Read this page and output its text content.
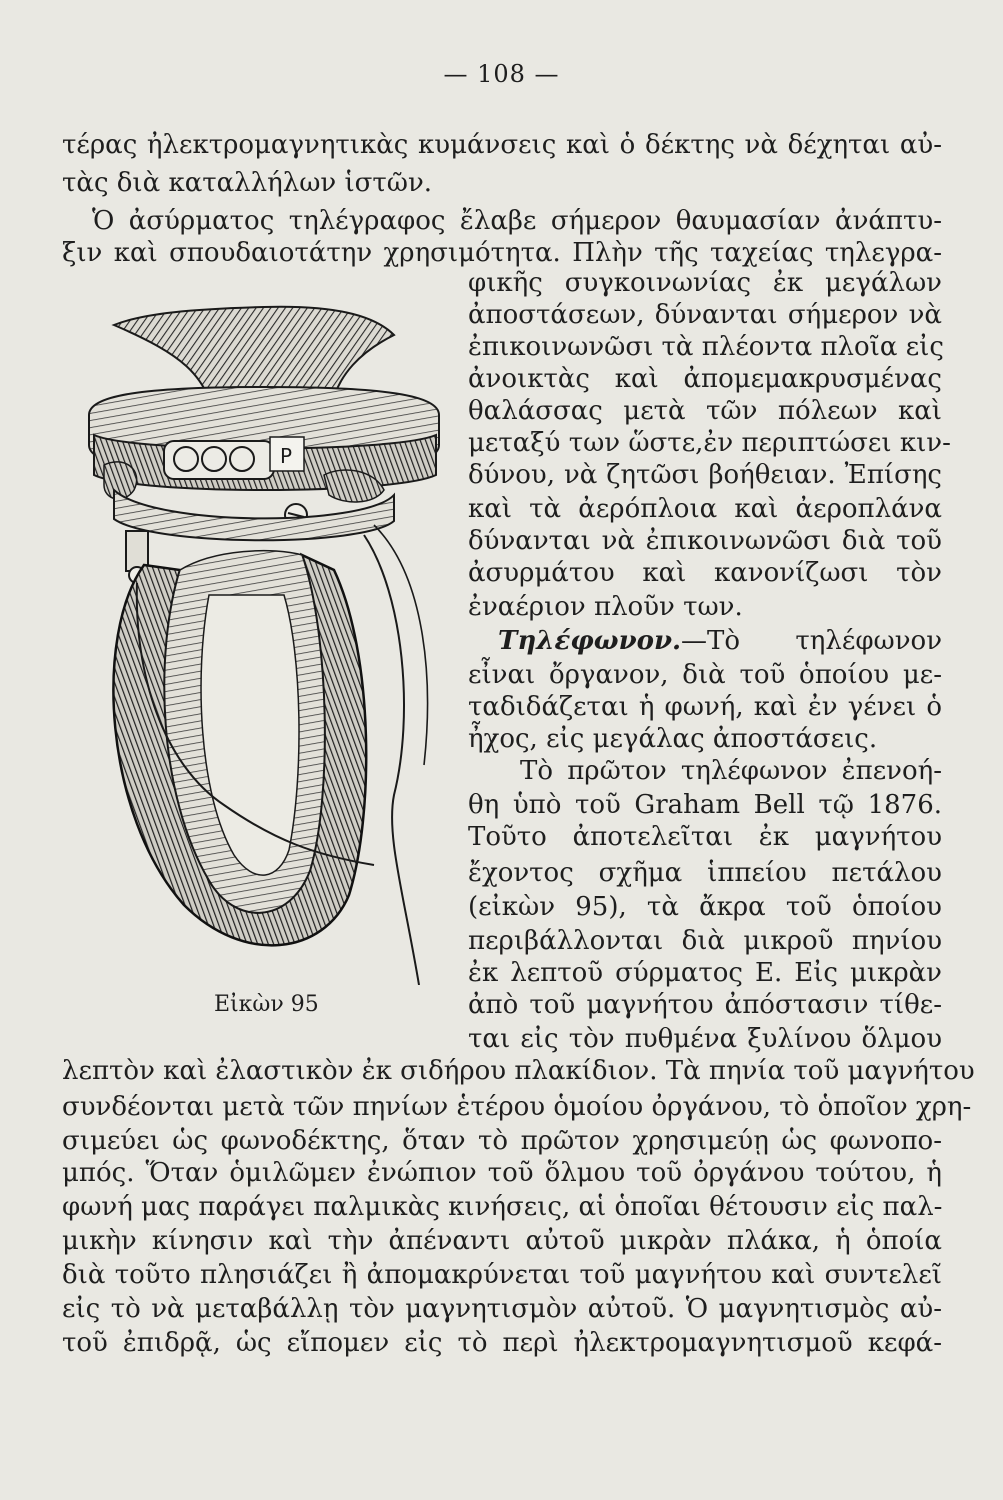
— 108 —
τέρας ἠλεκτρομαγνητικὰς κυμάνσεις καὶ ὁ δέκτης νὰ δέχηται αὐ-
τὰς διὰ καταλλήλων ἱστῶν.
Ὁ ἀσύρματος τηλέγραφος ἔλαβε σήμερον θαυμασίαν ἀνάπτυ-
ξιν καὶ σπουδαιοτάτην χρησιμότητα. Πλὴν τῆς ταχείας τηλεγρα-
φικῆς συγκοινωνίας ἐκ μεγάλων
ἀποστάσεων, δύνανται σήμερον νὰ
ἐπικοινωνῶσι τὰ πλέοντα πλοῖα εἰς
ἀνοικτὰς καὶ ἀπομεμακρυσμένας
θαλάσσας μετὰ τῶν πόλεων καὶ
μεταξύ των ὥστε,ἐν περιπτώσει κιν-
δύνου, νὰ ζητῶσι βοήθειαν. Ἐπίσης
καὶ τὰ ἀερόπλοια καὶ ἀεροπλάνα
δύνανται νὰ ἐπικοινωνῶσι διὰ τοῦ
ἀσυρμάτου καὶ κανονίζωσι τὸν
ἐναέριον πλοῦν των.
Τηλέφωνον.—Τὸ τηλέφωνον
εἶναι ὄργανον, διὰ τοῦ ὁποίου με-
ταδιδάζεται ἡ φωνή, καὶ ἐν γένει ὁ
ἦχος, εἰς μεγάλας ἀποστάσεις.
Τὸ πρῶτον τηλέφωνον ἐπενοή-
θη ὑπὸ τοῦ Graham Bell τῷ 1876.
Τοῦτο ἀποτελεῖται ἐκ μαγνήτου
ἔχοντος σχῆμα ἱππείου πετάλου
(εἰκὼν 95), τὰ ἄκρα τοῦ ὁποίου
περιβάλλονται διὰ μικροῦ πηνίου
ἐκ λεπτοῦ σύρματος Ε. Εἰς μικρὰν
ἀπὸ τοῦ μαγνήτου ἀπόστασιν τίθε-
ται εἰς τὸν πυθμένα ξυλίνου ὅλμου
λεπτὸν καὶ ἐλαστικὸν ἐκ σιδήρου πλακίδιον. Τὰ πηνία τοῦ μαγνήτου
συνδέονται μετὰ τῶν πηνίων ἑτέρου ὁμοίου ὀργάνου, τὸ ὁποῖον χρη-
σιμεύει ὡς φωνοδέκτης, ὅταν τὸ πρῶτον χρησιμεύῃ ὡς φωνοπο-
μπός. Ὅταν ὁμιλῶμεν ἐνώπιον τοῦ ὅλμου τοῦ ὀργάνου τούτου, ἡ
φωνή μας παράγει παλμικὰς κινήσεις, αἱ ὁποῖαι θέτουσιν εἰς παλ-
μικὴν κίνησιν καὶ τὴν ἀπέναντι αὐτοῦ μικρὰν πλάκα, ἡ ὁποία
διὰ τοῦτο πλησιάζει ἢ ἀπομακρύνεται τοῦ μαγνήτου καὶ συντελεῖ
εἰς τὸ νὰ μεταβάλλῃ τὸν μαγνητισμὸν αὐτοῦ. Ὁ μαγνητισμὸς αὐ-
τοῦ ἐπιδρᾷ, ὡς εἴπομεν εἰς τὸ περὶ ἠλεκτρομαγνητισμοῦ κεφά-
P
Εἰκὼν 95
